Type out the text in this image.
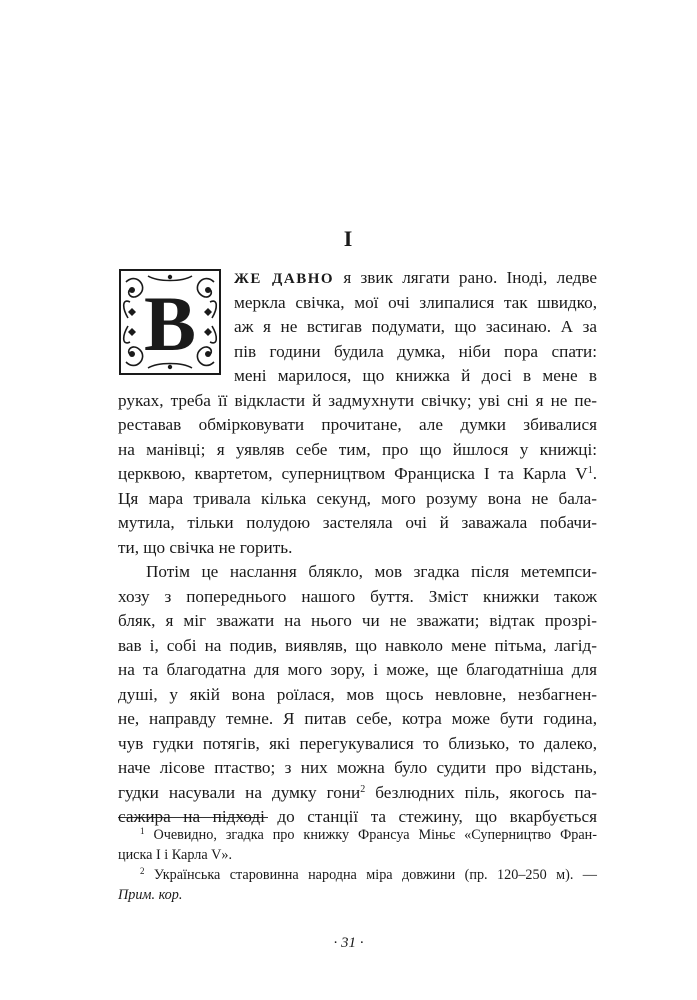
I
В
ЖЕ ДАВНО я звик лягати рано. Іноді, ледве
меркла свічка, мої очі злипалися так швидко,
аж я не встигав подумати, що засинаю. А за
пів години будила думка, ніби пора спати:
мені марилося, що книжка й досі в мене в
руках, треба її відкласти й задмухнути свічку; уві сні я не пе-
реставав обмірковувати прочитане, але думки збивалися
на манівці; я уявляв себе тим, про що йшлося у книжці:
церквою, квартетом, суперництвом Франциска I та Карла $V^1$.
Ця мара тривала кілька секунд, мого розуму вона не бала-
мутила, тільки полудою застеляла очі й заважала побачи-
ти, що свічка не горить.
Потім це наслання блякло, мов згадка після метемпси-
хозу з попереднього нашого буття. Зміст книжки також
бляк, я міг зважати на нього чи не зважати; відтак прозрі-
вав і, собі на подив, виявляв, що навколо мене пітьма, лагід-
на та благодатна для мого зору, і може, ще благодатніша для
душі, у якій вона роїлася, мов щось невловне, незбагнен-
не, направду темне. Я питав себе, котра може бути година,
чув гудки потягів, які перегукувалися то близько, то далеко,
наче лісове птаство; з них можна було судити про відстань,
$^1$ Очевидно, згадка про книжку Франсуа Міньє «Суперництво Фран-
циска I і Карла V».
$^2$ Українська старовинна народна міра довжини (пр. 120–250 м). —
Прим. кор.
· 31 ·
гудки насували на думку гони$^2$ безлюдних піль, якогось па-
сажира на підході до станції та стежину, що вкарбується
